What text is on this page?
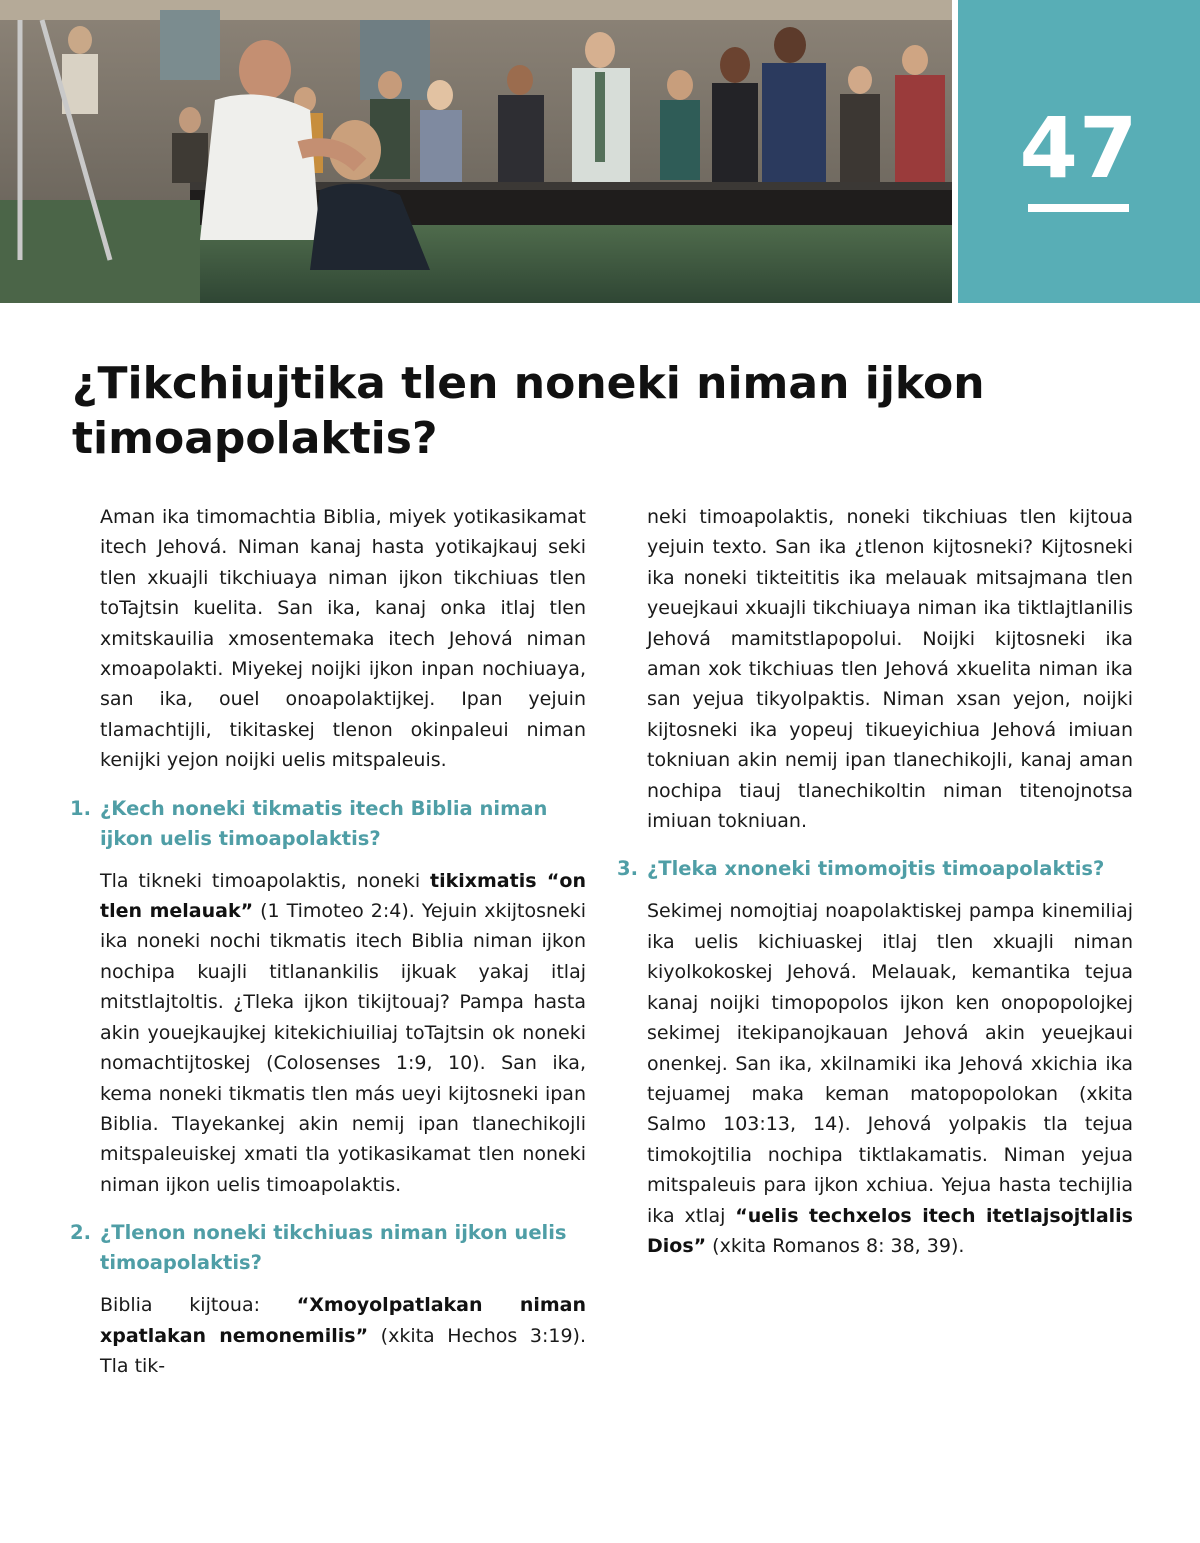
47
¿Tikchiujtika tlen noneki niman ijkon timoapolaktis?

Aman ika timomachtia Biblia, miyek yotikasikamat itech Jehová. Niman kanaj hasta yotikajkauj seki tlen xkuajli tikchiuaya niman ijkon tikchiuas tlen toTajtsin kuelita. San ika, kanaj onka itlaj tlen xmitskauilia xmosentemaka itech Jehová niman xmoapolakti. Miyekej noijki ijkon inpan nochiuaya, san ika, ouel onoapolaktijkej. Ipan yejuin tlamachtijli, tikitaskej tlenon okinpaleui niman kenijki yejon noijki uelis mitspaleuis.

1. ¿Kech noneki tikmatis itech Biblia niman ijkon uelis timoapolaktis?

Tla tikneki timoapolaktis, noneki tikixmatis “on tlen melauak” (1 Timoteo 2:4). Yejuin xkijtosneki ika noneki nochi tikmatis itech Biblia niman ijkon nochipa kuajli titlanankilis ijkuak yakaj itlaj mitstlajtoltis. ¿Tleka ijkon tikijtouaj? Pampa hasta akin youejkaujkej kitekichiuiliaj toTajtsin ok noneki nomachtijtoskej (Colosenses 1:9, 10). San ika, kema noneki tikmatis tlen más ueyi kijtosneki ipan Biblia. Tlayekankej akin nemij ipan tlanechikojli mitspaleuiskej xmati tla yotikasikamat tlen noneki niman ijkon uelis timoapolaktis.

2. ¿Tlenon noneki tikchiuas niman ijkon uelis timoapolaktis?

Biblia kijtoua: “Xmoyolpatlakan niman xpatlakan nemonemilis” (xkita Hechos 3:19). Tla tik-

neki timoapolaktis, noneki tikchiuas tlen kijtoua yejuin texto. San ika ¿tlenon kijtosneki? Kijtosneki ika noneki tikteititis ika melauak mitsajmana tlen yeuejkaui xkuajli tikchiuaya niman ika tiktlajtlanilis Jehová mamitstlapopolui. Noijki kijtosneki ika aman xok tikchiuas tlen Jehová xkuelita niman ika san yejua tikyolpaktis. Niman xsan yejon, noijki kijtosneki ika yopeuj tikueyichiua Jehová imiuan tokniuan akin nemij ipan tlanechikojli, kanaj aman nochipa tiauj tlanechikoltin niman titenojnotsa imiuan tokniuan.

3. ¿Tleka xnoneki timomojtis timoapolaktis?

Sekimej nomojtiaj noapolaktiskej pampa kinemiliaj ika uelis kichiuaskej itlaj tlen xkuajli niman kiyolkokoskej Jehová. Melauak, kemantika tejua kanaj noijki timopopolos ijkon ken onopopolojkej sekimej itekipanojkauan Jehová akin yeuejkaui onenkej. San ika, xkilnamiki ika Jehová xkichia ika tejuamej maka keman matopopolokan (xkita Salmo 103:13, 14). Jehová yolpakis tla tejua timokojtilia nochipa tiktlakamatis. Niman yejua mitspaleuis para ijkon xchiua. Yejua hasta techijlia ika xtlaj “uelis techxelos itech itetlajsojtlalis Dios” (xkita Romanos 8: 38, 39).
